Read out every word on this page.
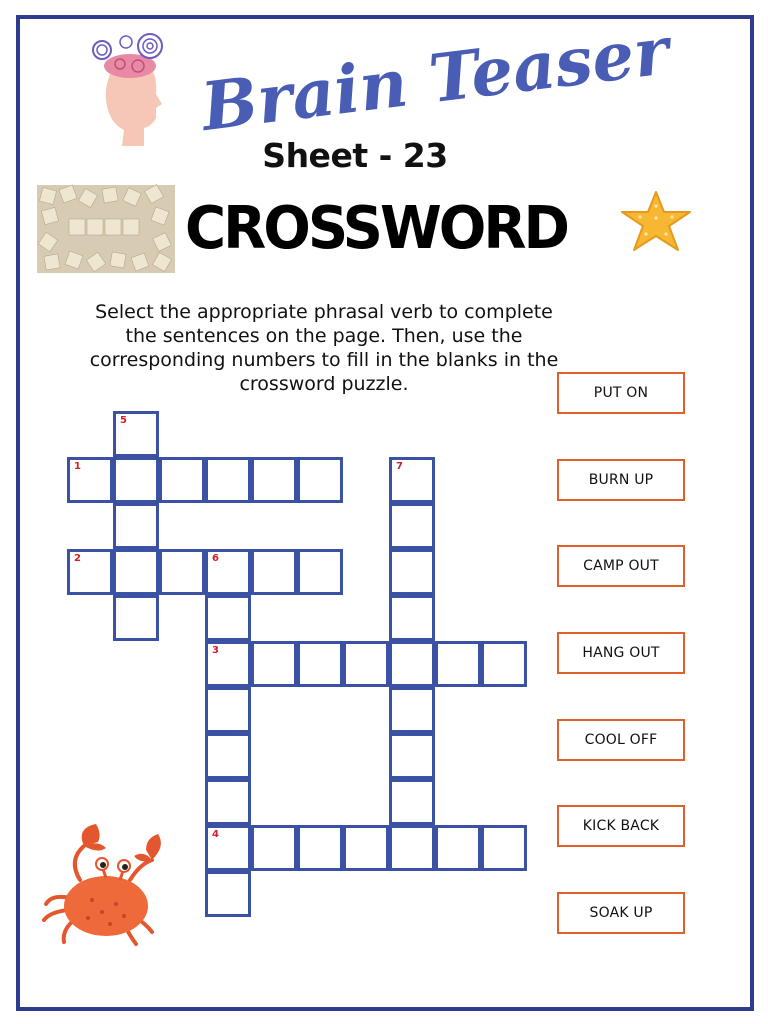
Brain Teaser
Sheet - 23
CROSSWORD
Select the appropriate phrasal verb to complete the sentences on the page. Then, use the corresponding numbers to fill in the blanks in the crossword puzzle.	PUT ON
BURN UP
CAMP OUT
HANG OUT
COOL OFF
KICK BACK
SOAK UP
1
2	6
3
4
5
7
